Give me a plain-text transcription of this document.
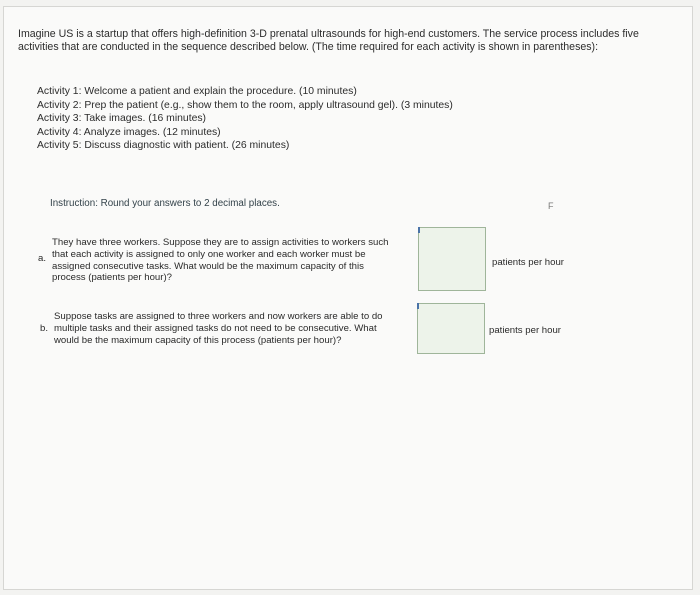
Imagine US is a startup that offers high-definition 3-D prenatal ultrasounds for high-end customers. The service process includes five activities that are conducted in the sequence described below. (The time required for each activity is shown in parentheses):

Activity 1: Welcome a patient and explain the procedure. (10 minutes)
Activity 2: Prep the patient (e.g., show them to the room, apply ultrasound gel). (3 minutes)
Activity 3: Take images. (16 minutes)
Activity 4: Analyze images. (12 minutes)
Activity 5: Discuss diagnostic with patient. (26 minutes)

Instruction: Round your answers to 2 decimal places.	F
a.

They have three workers. Suppose they are to assign activities to workers such that each activity is assigned to only one worker and each worker must be assigned consecutive tasks. What would be the maximum capacity of this process (patients per hour)?

patients per hour
b.

Suppose tasks are assigned to three workers and now workers are able to do multiple tasks and their assigned tasks do not need to be consecutive. What would be the maximum capacity of this process (patients per hour)?

patients per hour
